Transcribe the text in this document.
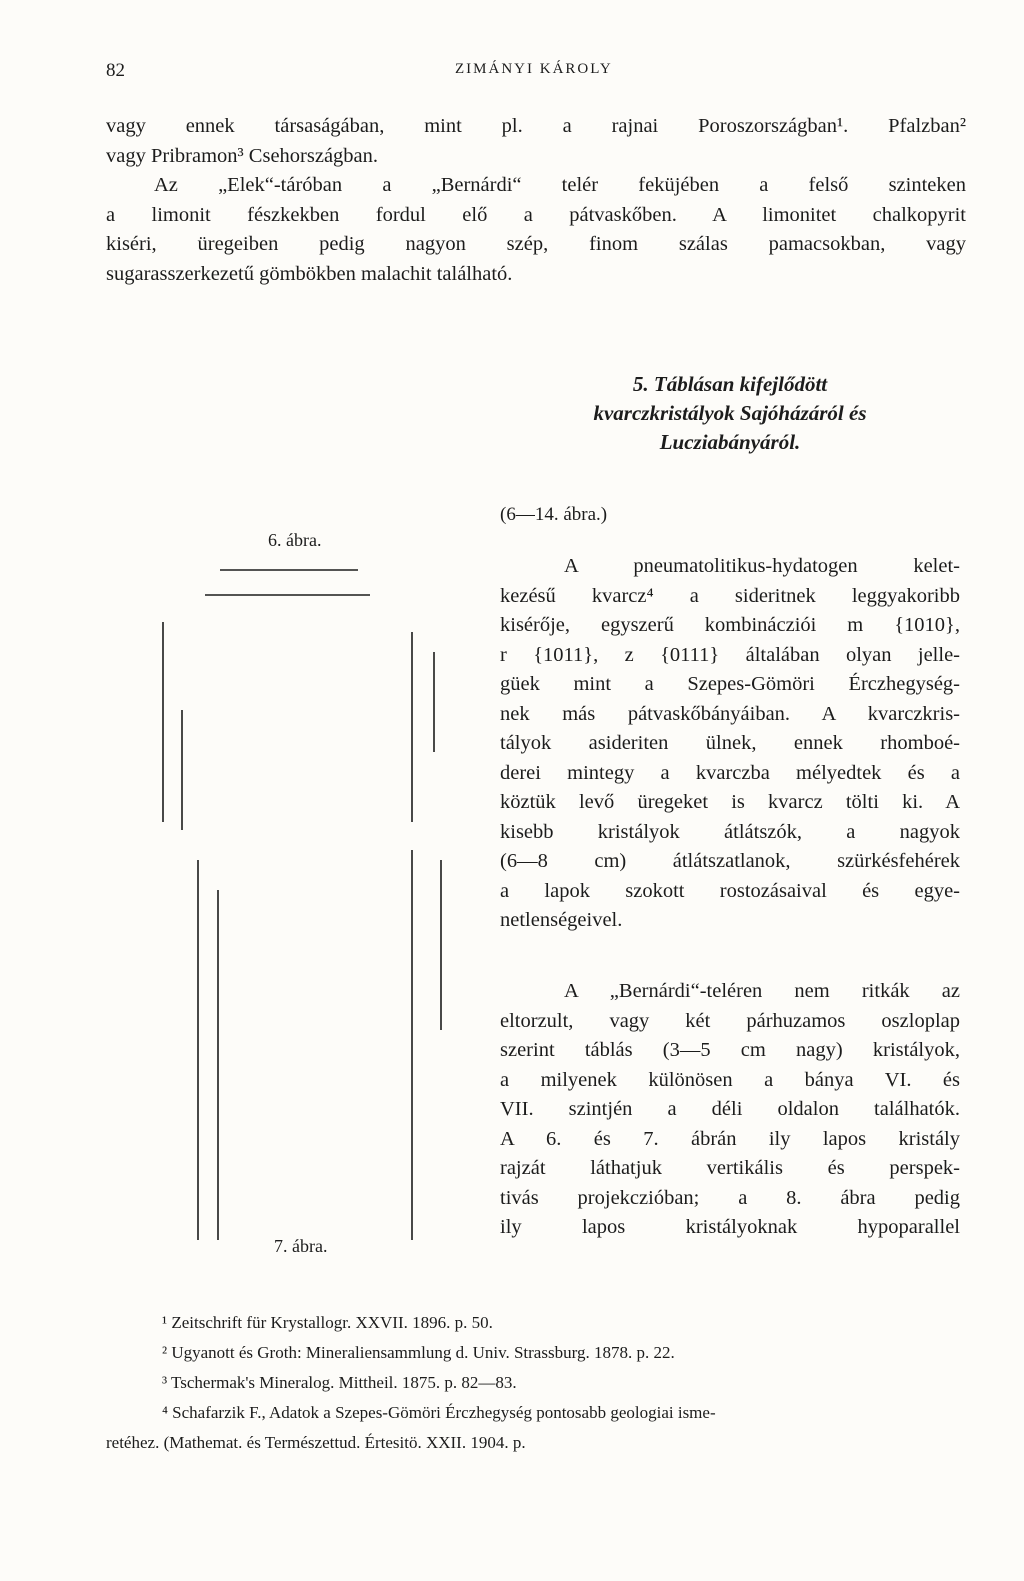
82	ZIMÁNYI KÁROLY
vagy ennek társaságában, mint pl. a rajnai Poroszországban¹. Pfalzban²
vagy Pribramon³ Csehországban.
Az „Elek“-táróban a „Bernárdi“ telér feküjében a felső szinteken
a limonit fészkekben fordul elő a pátvaskőben. A limonitet chalkopyrit
kiséri, üregeiben pedig nagyon szép, finom szálas pamacsokban, vagy
sugarasszerkezetű gömbökben malachit található.
5. Táblásan kifejlődött
kvarczkristályok Sajóházáról és
Lucziabányáról.
(6—14. ábra.)
6. ábra.
7. ábra.
A pneumatolitikus-hydatogen kelet-
kezésű kvarcz⁴ a sideritnek leggyakoribb
kisérője, egyszerű kombinácziói m {1010},
r {1011}, z {0111} általában olyan jelle-
güek mint a Szepes-Gömöri Érczhegység-
nek más pátvaskőbányáiban. A kvarczkris-
tályok asideriten ülnek, ennek rhomboé-
derei mintegy a kvarczba mélyedtek és a
köztük levő üregeket is kvarcz tölti ki. A
kisebb kristályok átlátszók, a nagyok
(6—8 cm) átlátszatlanok, szürkésfehérek
a lapok szokott rostozásaival és egye-
netlenségeivel.
A „Bernárdi“-teléren nem ritkák az
eltorzult, vagy két párhuzamos oszloplap
szerint táblás (3—5 cm nagy) kristályok,
a milyenek különösen a bánya VI. és
VII. szintjén a déli oldalon találhatók.
A 6. és 7. ábrán ily lapos kristály
rajzát láthatjuk vertikális és perspek-
tivás projekczióban; a 8. ábra pedig
ily lapos kristályoknak hypoparallel
¹ Zeitschrift für Krystallogr. XXVII. 1896. p. 50.
² Ugyanott és Groth: Mineraliensammlung d. Univ. Strassburg. 1878. p. 22.
³ Tschermak's Mineralog. Mittheil. 1875. p. 82—83.
⁴ Schafarzik F., Adatok a Szepes-Gömöri Érczhegység pontosabb geologiai isme-
retéhez. (Mathemat. és Természettud. Értesitö. XXII. 1904. p.
